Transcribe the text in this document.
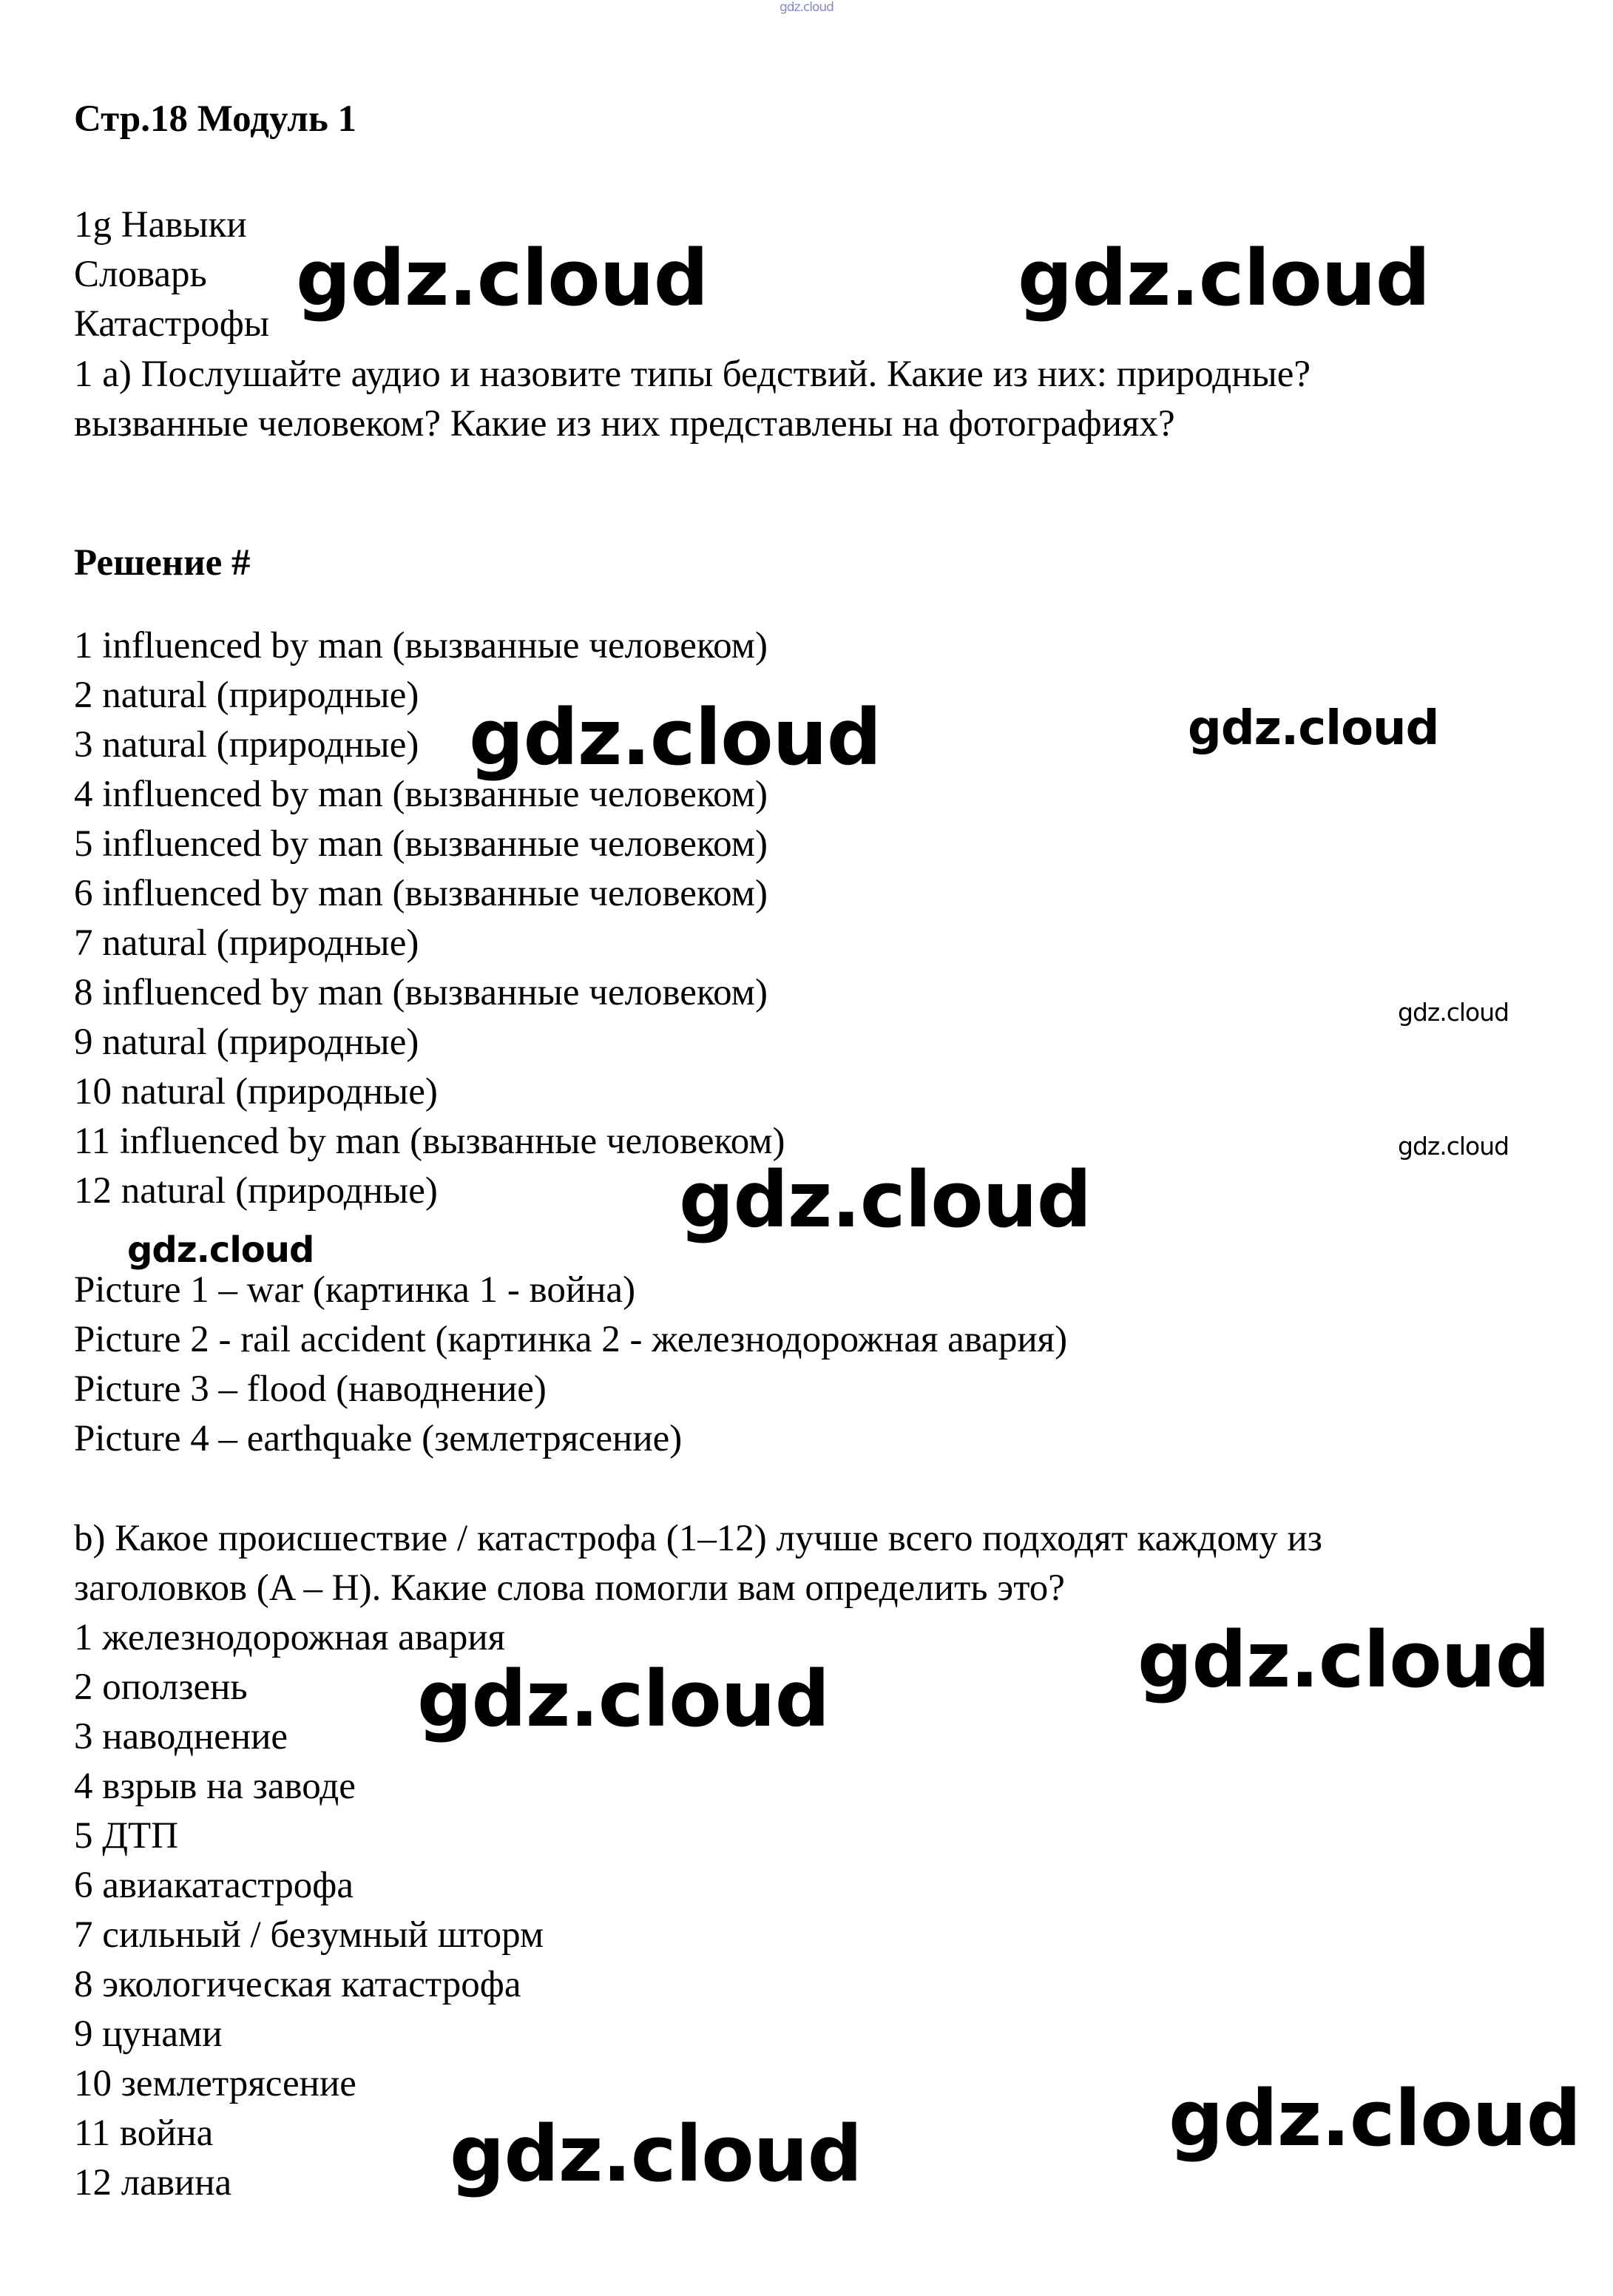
Стр.18 Модуль 1

1g Навыки

Словарь

Катастрофы

1 а) Послушайте аудио и назовите типы бедствий. Какие из них: природные?

вызванные человеком? Какие из них представлены на фотографиях?

Решение #

1 influenced by man (вызванные человеком)

2 natural (природные)

3 natural (природные)

4 influenced by man (вызванные человеком)

5 influenced by man (вызванные человеком)

6 influenced by man (вызванные человеком)

7 natural (природные)

8 influenced by man (вызванные человеком)

9 natural (природные)

10 natural (природные)

11 influenced by man (вызванные человеком)

12 natural (природные)

Picture 1 – war (картинка 1 - война)

Picture 2 - rail accident (картинка 2 - железнодорожная авария)

Picture 3 – flood (наводнение)

Picture 4 – earthquake (землетрясение)

b) Какое происшествие / катастрофа (1–12) лучше всего подходят каждому из

заголовков (A – H). Какие слова помогли вам определить это?

1 железнодорожная авария

2 оползень

3 наводнение

4 взрыв на заводе

5 ДТП

6 авиакатастрофа

7 сильный / безумный шторм

8 экологическая катастрофа

9 цунами

10 землетрясение

11 война

12 лавина

gdz.cloud
gdz.cloud	gdz.cloud
gdz.cloud	gdz.cloud
gdz.cloud
gdz.cloud
gdz.cloud
gdz.cloud
gdz.cloud
gdz.cloud
gdz.cloud
gdz.cloud
